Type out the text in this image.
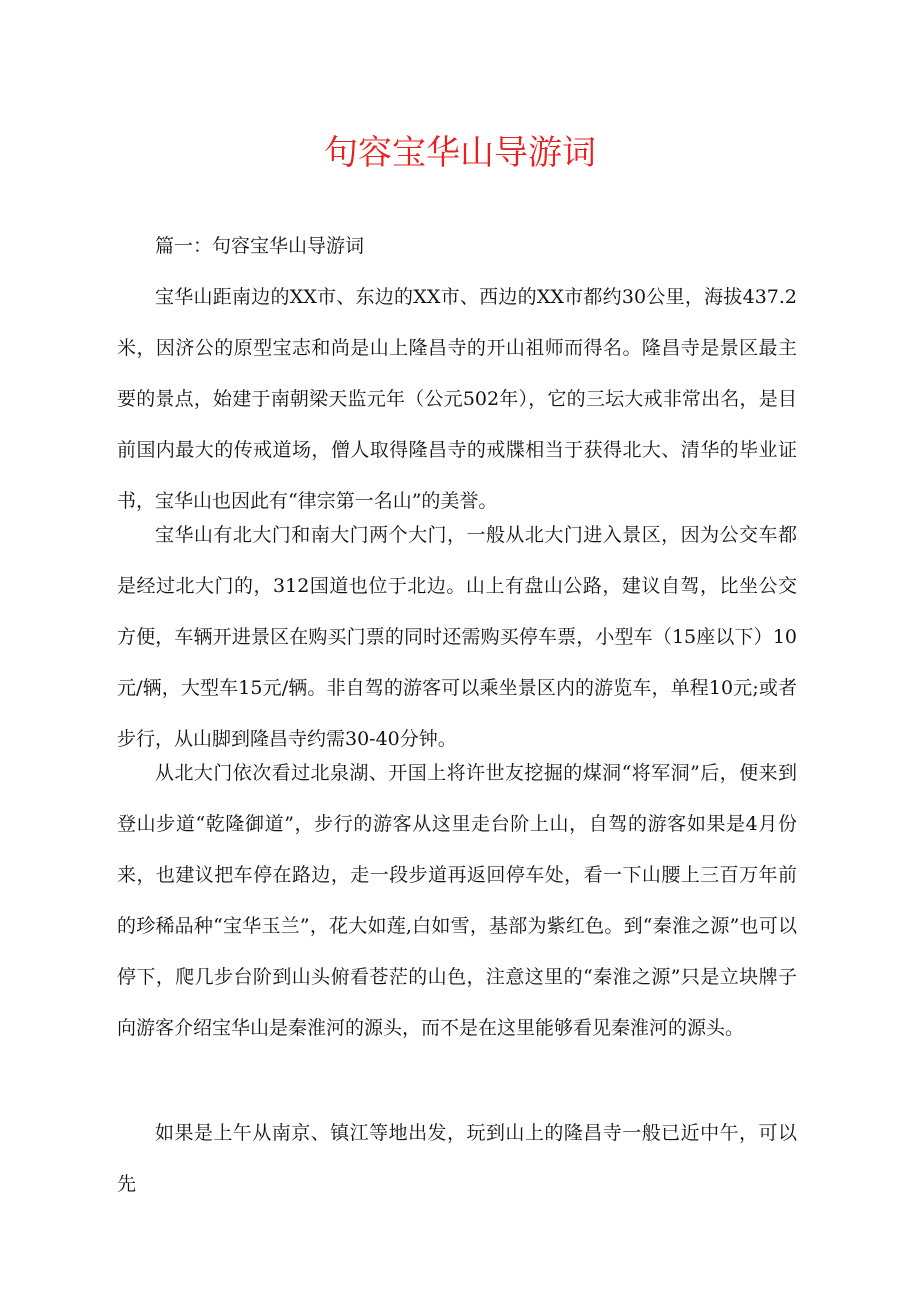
句容宝华山导游词

篇一：句容宝华山导游词

宝华山距南边的XX市、东边的XX市、西边的XX市都约30公里，海拔437.2米，因济公的原型宝志和尚是山上隆昌寺的开山祖师而得名。隆昌寺是景区最主要的景点，始建于南朝梁天监元年（公元502年），它的三坛大戒非常出名，是目前国内最大的传戒道场，僧人取得隆昌寺的戒牒相当于获得北大、清华的毕业证书，宝华山也因此有“律宗第一名山”的美誉。

宝华山有北大门和南大门两个大门，一般从北大门进入景区，因为公交车都是经过北大门的，312国道也位于北边。山上有盘山公路，建议自驾，比坐公交方便，车辆开进景区在购买门票的同时还需购买停车票，小型车（15座以下）10元/辆，大型车15元/辆。非自驾的游客可以乘坐景区内的游览车，单程10元;或者步行，从山脚到隆昌寺约需30-40分钟。

从北大门依次看过北泉湖、开国上将许世友挖掘的煤洞“将军洞”后，便来到登山步道“乾隆御道”，步行的游客从这里走台阶上山，自驾的游客如果是4月份来，也建议把车停在路边，走一段步道再返回停车处，看一下山腰上三百万年前的珍稀品种“宝华玉兰”，花大如莲,白如雪，基部为紫红色。到“秦淮之源”也可以停下，爬几步台阶到山头俯看苍茫的山色，注意这里的“秦淮之源”只是立块牌子向游客介绍宝华山是秦淮河的源头，而不是在这里能够看见秦淮河的源头。

如果是上午从南京、镇江等地出发，玩到山上的隆昌寺一般已近中午，可以先
